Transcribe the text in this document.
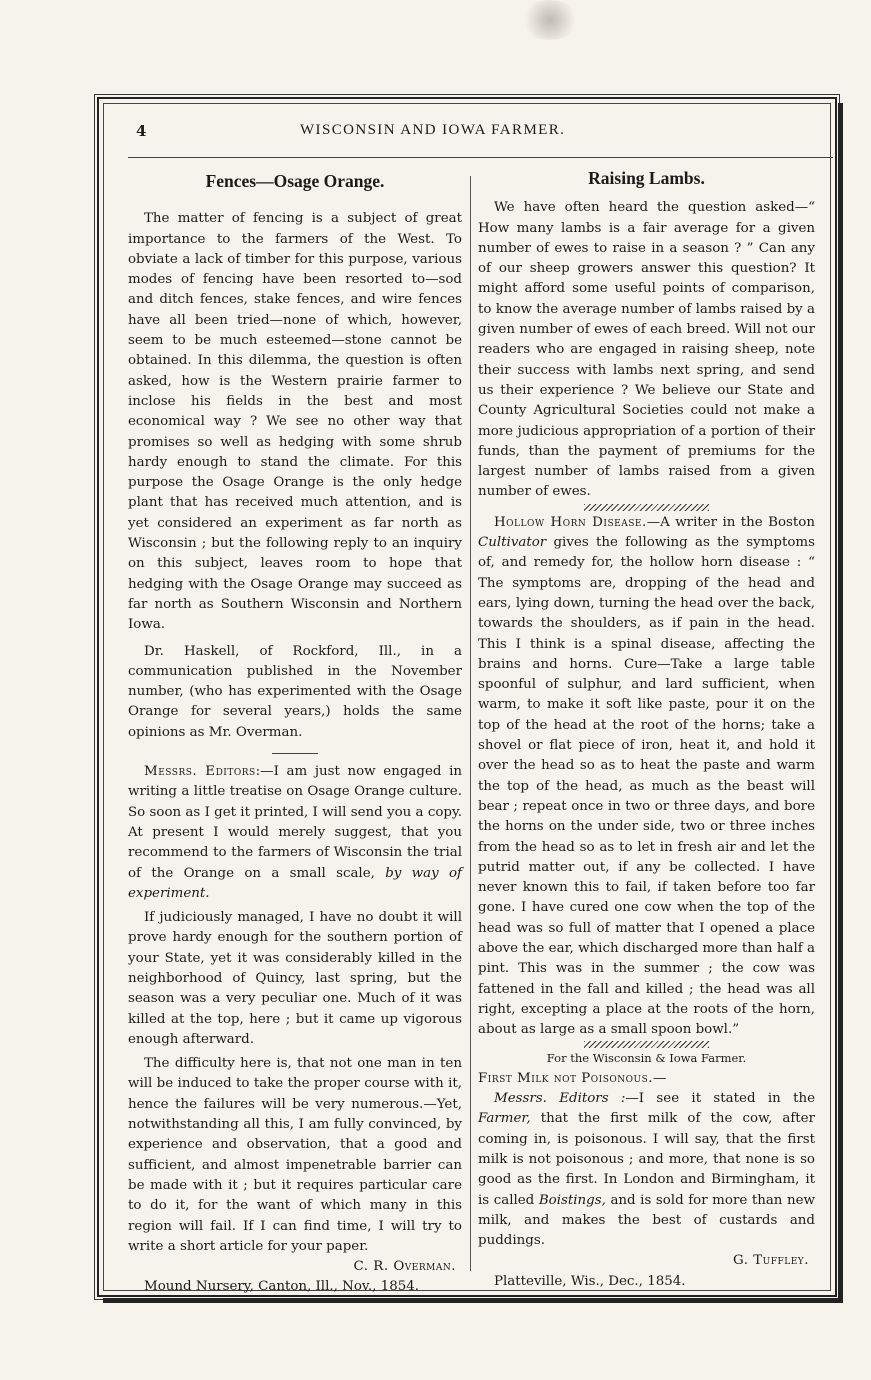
4	WISCONSIN AND IOWA FARMER.
Fences—Osage Orange.

The matter of fencing is a subject of great importance to the farmers of the West. To obviate a lack of timber for this purpose, various modes of fencing have been resorted to—sod and ditch fences, stake fences, and wire fences have all been tried—none of which, however, seem to be much esteemed—stone cannot be obtained. In this dilemma, the question is often asked, how is the Western prairie farmer to inclose his fields in the best and most economical way ? We see no other way that promises so well as hedging with some shrub hardy enough to stand the climate. For this purpose the Osage Orange is the only hedge plant that has received much attention, and is yet considered an experiment as far north as Wisconsin ; but the following reply to an inquiry on this subject, leaves room to hope that hedging with the Osage Orange may succeed as far north as Southern Wisconsin and Northern Iowa.

Dr. Haskell, of Rockford, Ill., in a communication published in the November number, (who has experimented with the Osage Orange for several years,) holds the same opinions as Mr. Overman.

Messrs. Editors:—I am just now engaged in writing a little treatise on Osage Orange culture. So soon as I get it printed, I will send you a copy. At present I would merely suggest, that you recommend to the farmers of Wisconsin the trial of the Orange on a small scale, by way of experiment.

If judiciously managed, I have no doubt it will prove hardy enough for the southern portion of your State, yet it was considerably killed in the neighborhood of Quincy, last spring, but the season was a very peculiar one. Much of it was killed at the top, here ; but it came up vigorous enough afterward.

The difficulty here is, that not one man in ten will be induced to take the proper course with it, hence the failures will be very numerous.—Yet, notwithstanding all this, I am fully convinced, by experience and observation, that a good and sufficient, and almost impenetrable barrier can be made with it ; but it requires particular care to do it, for the want of which many in this region will fail. If I can find time, I will try to write a short article for your paper.

C. R. Overman.

Mound Nursery, Canton, Ill., Nov., 1854.

Raising Lambs.

We have often heard the question asked—“ How many lambs is a fair average for a given number of ewes to raise in a season ? ” Can any of our sheep growers answer this question? It might afford some useful points of comparison, to know the average number of lambs raised by a given number of ewes of each breed. Will not our readers who are engaged in raising sheep, note their success with lambs next spring, and send us their experience ? We believe our State and County Agricultural Societies could not make a more judicious appropriation of a portion of their funds, than the payment of premiums for the largest number of lambs raised from a given number of ewes.

Hollow Horn Disease.—A writer in the Boston Cultivator gives the following as the symptoms of, and remedy for, the hollow horn disease : “ The symptoms are, dropping of the head and ears, lying down, turning the head over the back, towards the shoulders, as if pain in the head. This I think is a spinal disease, affecting the brains and horns. Cure—Take a large table spoonful of sulphur, and lard sufficient, when warm, to make it soft like paste, pour it on the top of the head at the root of the horns; take a shovel or flat piece of iron, heat it, and hold it over the head so as to heat the paste and warm the top of the head, as much as the beast will bear ; repeat once in two or three days, and bore the horns on the under side, two or three inches from the head so as to let in fresh air and let the putrid matter out, if any be collected. I have never known this to fail, if taken before too far gone. I have cured one cow when the top of the head was so full of matter that I opened a place above the ear, which discharged more than half a pint. This was in the summer ; the cow was fattened in the fall and killed ; the head was all right, excepting a place at the roots of the horn, about as large as a small spoon bowl.”

For the Wisconsin & Iowa Farmer.

First Milk not Poisonous.—

Messrs. Editors :—I see it stated in the Farmer, that the first milk of the cow, after coming in, is poisonous. I will say, that the first milk is not poisonous ; and more, that none is so good as the first. In London and Birmingham, it is called Boistings, and is sold for more than new milk, and makes the best of custards and puddings.

G. Tuffley.

Platteville, Wis., Dec., 1854.
